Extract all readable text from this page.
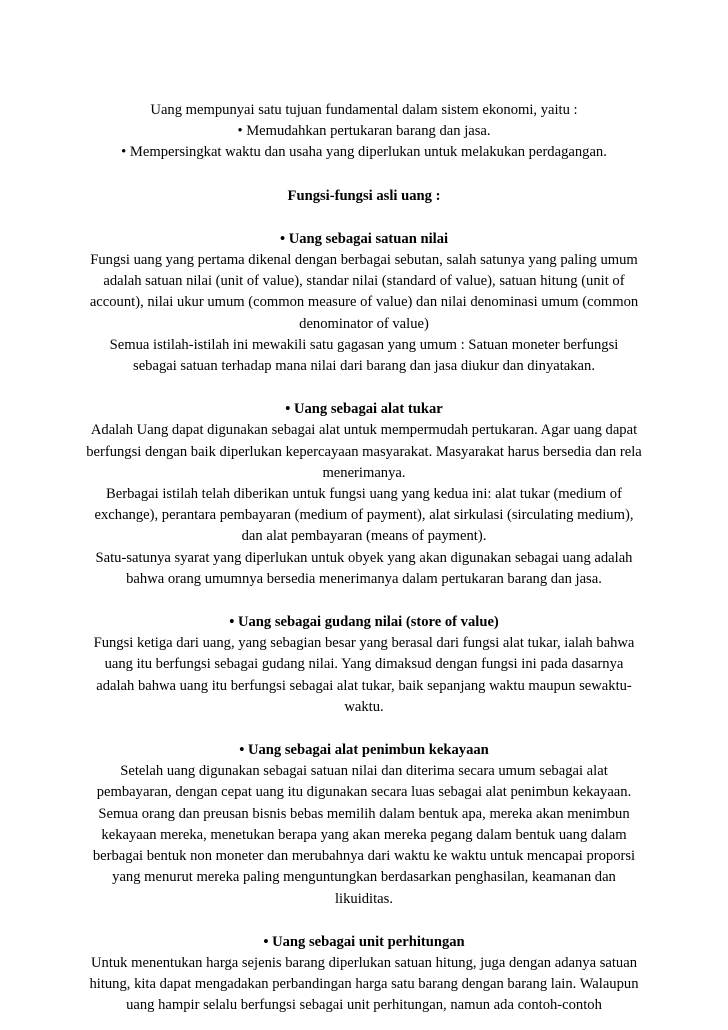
Uang mempunyai satu tujuan fundamental dalam sistem ekonomi, yaitu :

• Memudahkan pertukaran barang dan jasa.

• Mempersingkat waktu dan usaha yang diperlukan untuk melakukan perdagangan.

Fungsi-fungsi asli uang :

• Uang sebagai satuan nilai

Fungsi uang yang pertama dikenal dengan berbagai sebutan, salah satunya yang paling umum adalah satuan nilai (unit of value), standar nilai (standard of value), satuan hitung (unit of account), nilai ukur umum (common measure of value) dan nilai denominasi umum (common denominator of value)

Semua istilah-istilah ini mewakili satu gagasan yang umum : Satuan moneter berfungsi sebagai satuan terhadap mana nilai dari barang dan jasa diukur dan dinyatakan.

• Uang sebagai alat tukar

Adalah Uang dapat digunakan sebagai alat untuk mempermudah pertukaran. Agar uang dapat berfungsi dengan baik diperlukan kepercayaan masyarakat. Masyarakat harus bersedia dan rela menerimanya.

Berbagai istilah telah diberikan untuk fungsi uang yang kedua ini: alat tukar (medium of exchange), perantara pembayaran (medium of payment), alat sirkulasi (sirculating medium), dan alat pembayaran (means of payment).

Satu-satunya syarat yang diperlukan untuk obyek yang akan digunakan sebagai uang adalah bahwa orang umumnya bersedia menerimanya dalam pertukaran barang dan jasa.

• Uang sebagai gudang nilai (store of value)

Fungsi ketiga dari uang, yang sebagian besar yang berasal dari fungsi alat tukar, ialah bahwa uang itu berfungsi sebagai gudang nilai. Yang dimaksud dengan fungsi ini pada dasarnya adalah bahwa uang itu berfungsi sebagai alat tukar, baik sepanjang waktu maupun sewaktu-waktu.

• Uang sebagai alat penimbun kekayaan

Setelah uang digunakan sebagai satuan nilai dan diterima secara umum sebagai alat pembayaran, dengan cepat uang itu digunakan secara luas sebagai alat penimbun kekayaan. Semua orang dan preusan bisnis bebas memilih dalam bentuk apa, mereka akan menimbun kekayaan mereka, menetukan berapa yang akan mereka pegang dalam bentuk uang dalam berbagai bentuk non moneter dan merubahnya dari waktu ke waktu untuk mencapai proporsi yang menurut mereka paling menguntungkan berdasarkan penghasilan, keamanan dan likuiditas.

• Uang sebagai unit perhitungan

Untuk menentukan harga sejenis barang diperlukan satuan hitung, juga dengan adanya satuan hitung, kita dapat mengadakan perbandingan harga satu barang dengan barang lain. Walaupun uang hampir selalu berfungsi sebagai unit perhitungan, namun ada contoh-contoh
